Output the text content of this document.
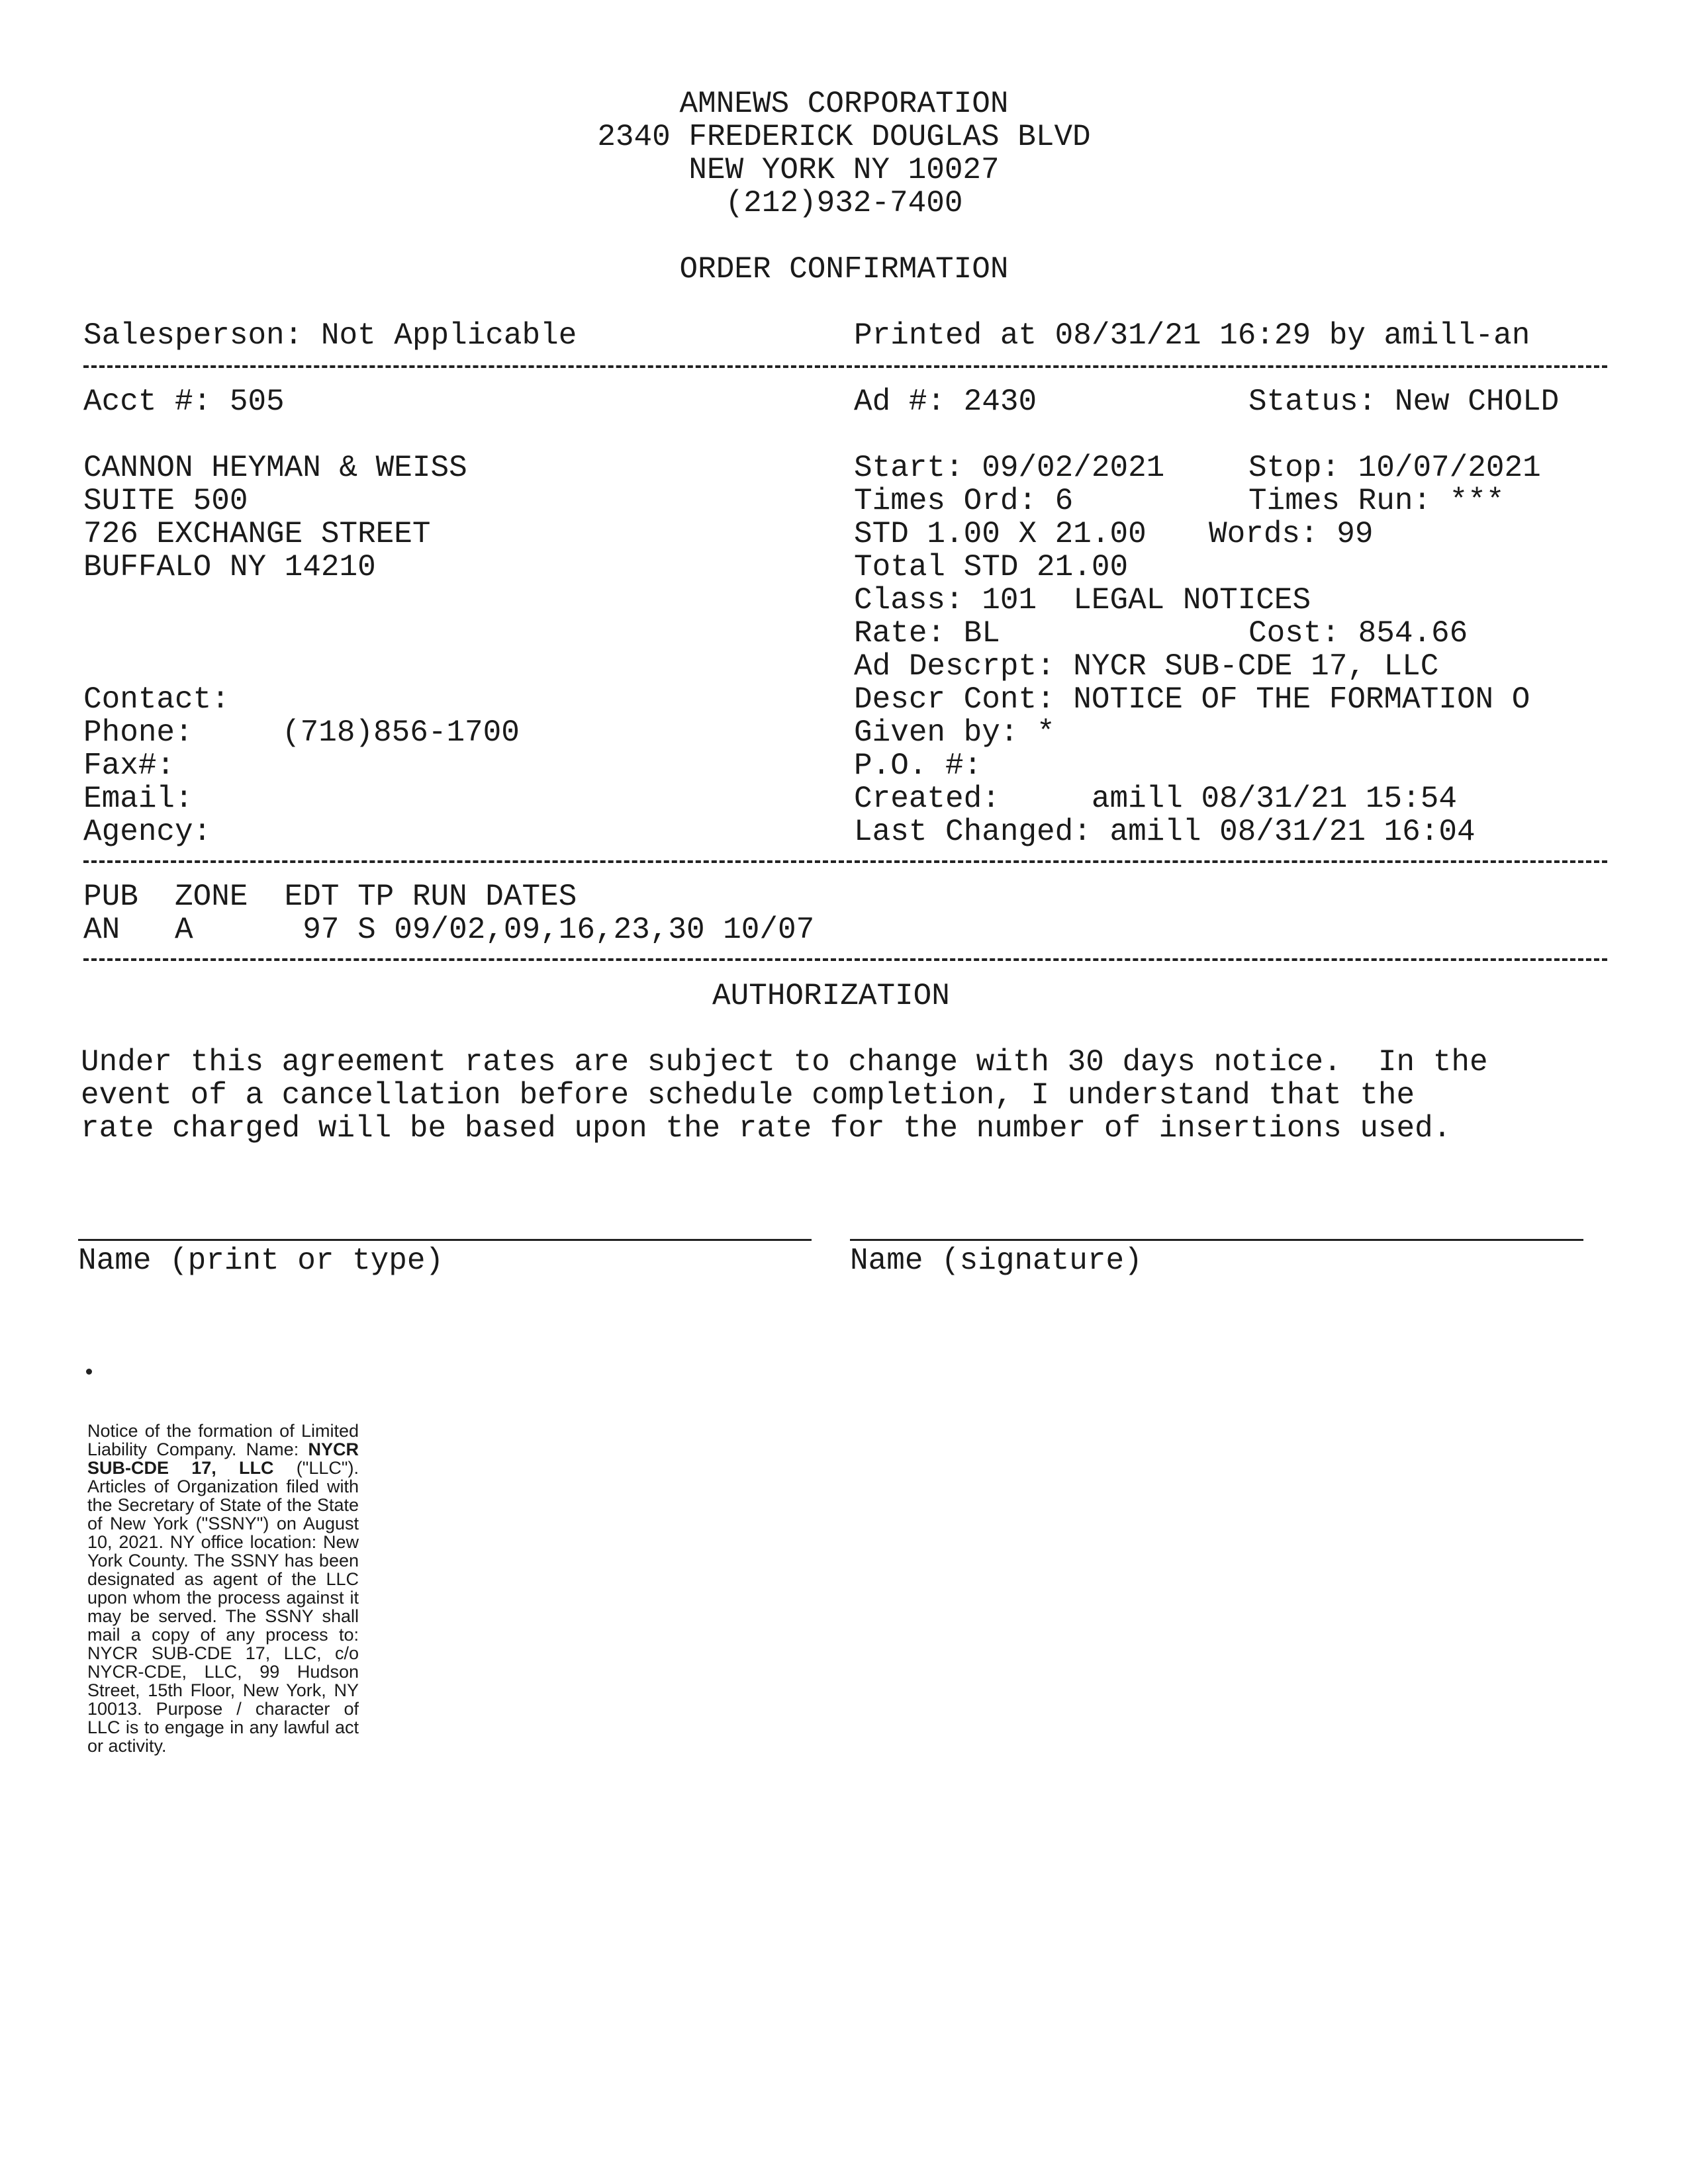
AMNEWS CORPORATION
2340 FREDERICK DOUGLAS BLVD
NEW YORK NY 10027
(212)932-7400
ORDER CONFIRMATION
Salesperson: Not Applicable	Printed at 08/31/21 16:29 by amill-an
Acct #: 505	Ad #: 2430	Status: New CHOLD
CANNON HEYMAN & WEISS
SUITE 500
726 EXCHANGE STREET
BUFFALO NY 14210
Contact:
Phone:	(718)856-1700
Fax#:
Email:
Agency:
Start: 09/02/2021	Stop: 10/07/2021
Times Ord: 6	Times Run: ***
STD 1.00 X 21.00 Words: 99
Total STD 21.00
Class: 101  LEGAL NOTICES
Rate: BL	Cost: 854.66
Ad Descrpt: NYCR SUB-CDE 17, LLC
Descr Cont: NOTICE OF THE FORMATION O
Given by: *
P.O. #:
Created:     amill 08/31/21 15:54
Last Changed: amill 08/31/21 16:04
PUB  ZONE  EDT TP RUN DATES
AN   A      97 S 09/02,09,16,23,30 10/07
AUTHORIZATION
Under this agreement rates are subject to change with 30 days notice.  In the
event of a cancellation before schedule completion, I understand that the
rate charged will be based upon the rate for the number of insertions used.
Name (print or type)	Name (signature)
Notice of the formation of Limited Liability Company. Name: NYCR SUB-CDE 17, LLC ("LLC"). Articles of Organization filed with the Secretary of State of the State of New York ("SSNY") on August 10, 2021. NY office location: New York County. The SSNY has been designated as agent of the LLC upon whom the process against it may be served. The SSNY shall mail a copy of any process to: NYCR SUB-CDE 17, LLC, c/o NYCR-CDE, LLC, 99 Hudson Street, 15th Floor, New York, NY 10013. Purpose / character of LLC is to engage in any lawful act or activity.
